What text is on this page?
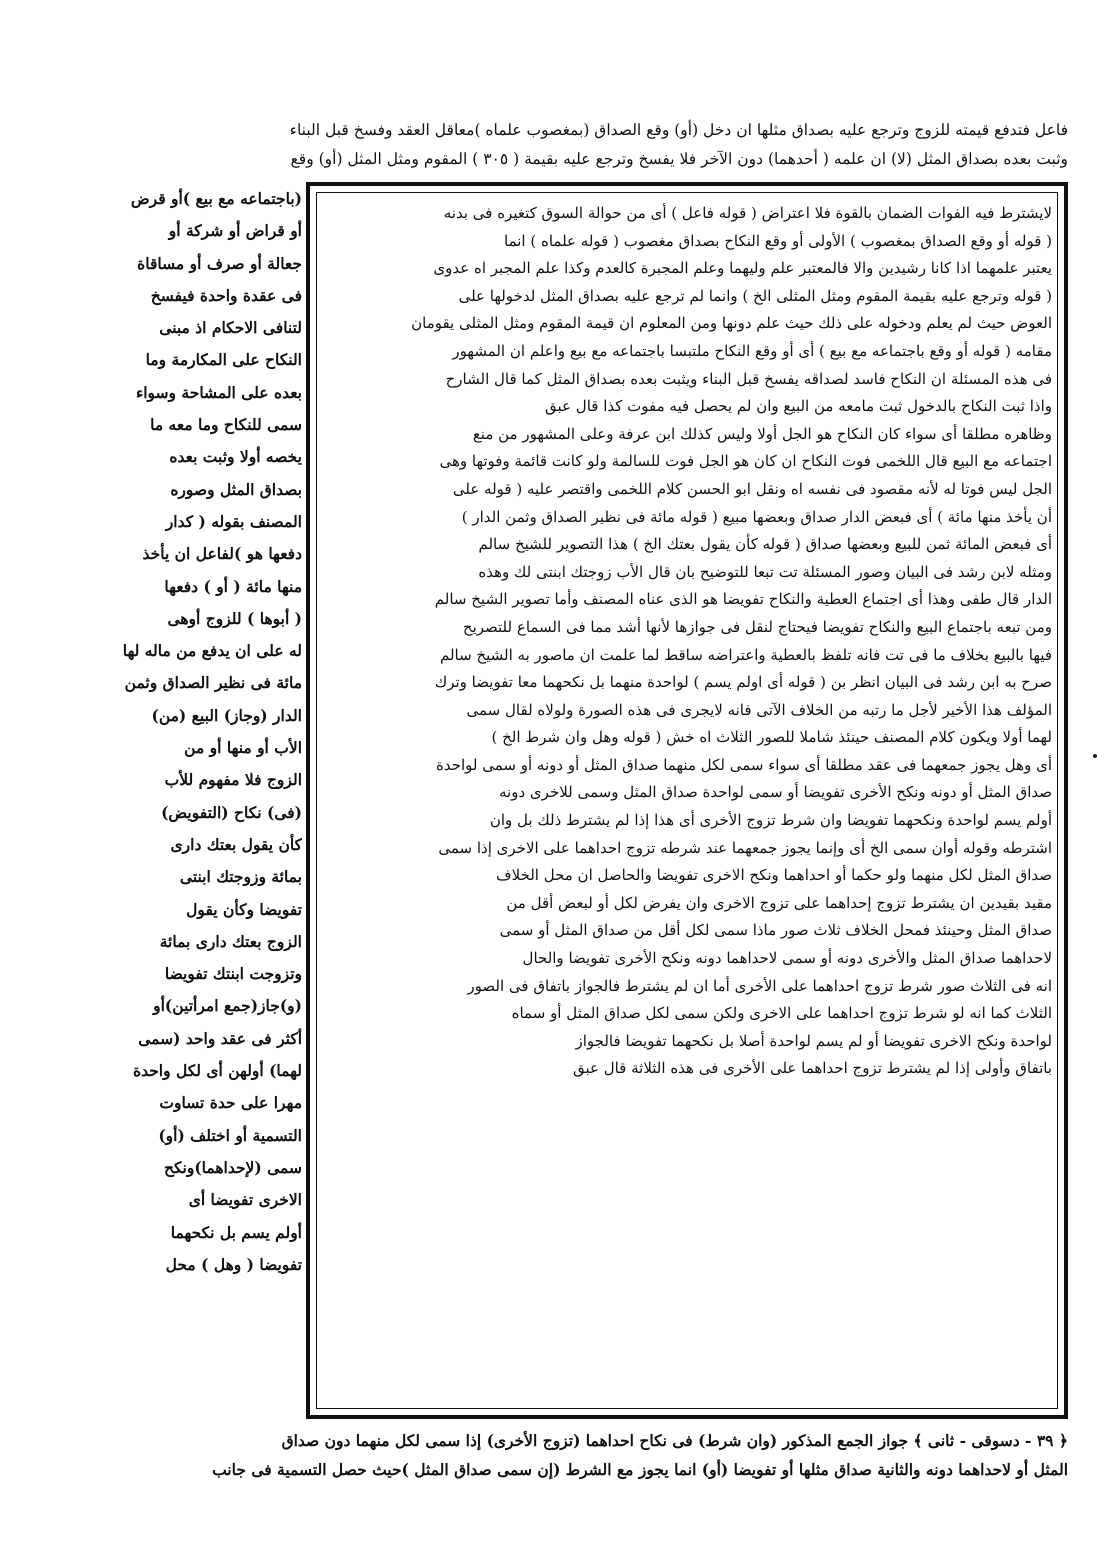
فاعل فتدفع قيمته للزوج وترجع عليه بصداق مثلها ان دخل (أو) وقع الصداق (بمغصوب علماه )معاقل العقد وفسخ قبل البناء
وثبت بعده بصداق المثل (لا) ان علمه ( أحدهما) دون الآخر فلا يفسخ وترجع عليه بقيمة ( ٣٠٥ ) المقوم ومثل المثل (أو) وقع
(باجتماعه مع بيع )أو قرض
أو قراض أو شركة أو
جعالة أو صرف أو مساقاة
فى عقدة واحدة فيفسخ
لتنافى الاحكام اذ مبنى
النكاح على المكارمة وما
بعده على المشاحة وسواء
سمى للنكاح وما معه ما
يخصه أولا وثبت بعده
بصداق المثل وصوره
المصنف بقوله ( كدار
دفعها هو )لفاعل ان يأخذ
منها مائة ( أو ) دفعها
( أبوها ) للزوج أوهى
له على ان يدفع من ماله لها
مائة فى نظير الصداق وثمن
الدار (وجاز) البيع (من)
الأب أو منها أو من
الزوج فلا مفهوم للأب
(فى) نكاح (التفويض)
كأن يقول بعتك دارى
بمائة وزوجتك ابنتى
تفويضا وكأن يقول
الزوج بعتك دارى بمائة
وتزوجت ابنتك تفويضا
(و)جاز(جمع امرأتين)أو
أكثر فى عقد واحد (سمى
لهما) أولهن أى لكل واحدة
مهرا على حدة تساوت
التسمية أو اختلف (أو)
سمى (لإحداهما)ونكح
الاخرى تفويضا أى
أولم يسم بل نكحهما
تفويضا ( وهل ) محل
لايشترط فيه الفوات الضمان بالقوة فلا اعتراض ( قوله فاعل ) أى من حوالة السوق كتغيره فى بدنه
( قوله أو وقع الصداق بمغصوب ) الأولى أو وقع النكاح بصداق مغصوب ( قوله علماه ) انما
يعتبر علمهما اذا كانا رشيدين والا فالمعتبر علم وليهما وعلم المجبرة كالعدم وكذا علم المجبر اه عدوى
( قوله وترجع عليه بقيمة المقوم ومثل المثلى الخ ) وانما لم ترجع عليه بصداق المثل لدخولها على
العوض حيث لم يعلم ودخوله على ذلك حيث علم دونها ومن المعلوم ان قيمة المقوم ومثل المثلى يقومان
مقامه ( قوله أو وقع باجتماعه مع بيع ) أى أو وقع النكاح ملتبسا باجتماعه مع بيع واعلم ان المشهور
فى هذه المسئلة ان النكاح فاسد لصداقه يفسخ قبل البناء ويثبت بعده بصداق المثل كما قال الشارح
واذا ثبت النكاح بالدخول ثبت مامعه من البيع وان لم يحصل فيه مفوت كذا قال عبق
وظاهره مطلقا أى سواء كان النكاح هو الجل أولا وليس كذلك ابن عرفة وعلى المشهور من منع
اجتماعه مع البيع قال اللخمى فوت النكاح ان كان هو الجل فوت للسالمة ولو كانت قائمة وفوتها وهى
الجل ليس فوتا له لأنه مقصود فى نفسه اه ونقل ابو الحسن كلام اللخمى واقتصر عليه ( قوله على
أن يأخذ منها مائة ) أى فبعض الدار صداق وبعضها مبيع ( قوله مائة فى نظير الصداق وثمن الدار )
أى فبعض المائة ثمن للبيع وبعضها صداق ( قوله كأن يقول بعتك الخ ) هذا التصوير للشيخ سالم
ومثله لابن رشد فى البيان وصور المسئلة تت تبعا للتوضيح بان قال الأب زوجتك ابنتى لك وهذه
الدار قال طفى وهذا أى اجتماع العطية والنكاح تفويضا هو الذى عناه المصنف وأما تصوير الشيخ سالم
ومن تبعه باجتماع البيع والنكاح تفويضا فيحتاج لنقل فى جوازها لأنها أشد مما فى السماع للتصريح
فيها بالبيع بخلاف ما فى تت فانه تلفظ بالعطية واعتراضه ساقط لما علمت ان ماصور به الشيخ سالم
صرح به ابن رشد فى البيان انظر بن ( قوله أى اولم يسم ) لواحدة منهما بل نكحهما معا تفويضا وترك
المؤلف هذا الأخير لأجل ما رتبه من الخلاف الآتى فانه لايجرى فى هذه الصورة ولولاه لقال سمى
لهما أولا ويكون كلام المصنف حينئذ شاملا للصور الثلاث اه خش ( قوله وهل وان شرط الخ )
أى وهل يجوز جمعهما فى عقد مطلقا أى سواء سمى لكل منهما صداق المثل أو دونه أو سمى لواحدة
صداق المثل أو دونه ونكح الأخرى تفويضا أو سمى لواحدة صداق المثل وسمى للاخرى دونه
أولم يسم لواحدة ونكحهما تفويضا وان شرط تزوج الأخرى أى هذا إذا لم يشترط ذلك بل وان
اشترطه وقوله أوان سمى الخ أى وإنما يجوز جمعهما عند شرطه تزوج احداهما على الاخرى إذا سمى
صداق المثل لكل منهما ولو حكما أو احداهما ونكح الاخرى تفويضا والحاصل ان محل الخلاف
مقيد بقيدين ان يشترط تزوج إحداهما على تزوج الاخرى وان يفرض لكل أو لبعض أقل من
صداق المثل وحينئذ فمحل الخلاف ثلاث صور ماذا سمى لكل أقل من صداق المثل أو سمى
لاحداهما صداق المثل والأخرى دونه أو سمى لاحداهما دونه ونكح الأخرى تفويضا والحال
انه فى الثلاث صور شرط تزوج احداهما على الأخرى أما ان لم يشترط فالجواز باتفاق فى الصور
الثلاث كما انه لو شرط تزوج احداهما على الاخرى ولكن سمى لكل صداق المثل أو سماه
لواحدة ونكح الاخرى تفويضا أو لم يسم لواحدة أصلا بل نكحهما تفويضا فالجواز
باتفاق وأولى إذا لم يشترط تزوج احداهما على الأخرى فى هذه الثلاثة قال عبق
﴿ ٣٩ - دسوقى - ثانى ﴾ جواز الجمع المذكور (وان شرط) فى نكاح احداهما (تزوج الأخرى) إذا سمى لكل منهما دون صداق
المثل أو لاحداهما دونه والثانية صداق مثلها أو تفويضا (أو) انما يجوز مع الشرط (إن سمى صداق المثل )حيث حصل التسمية فى جانب
